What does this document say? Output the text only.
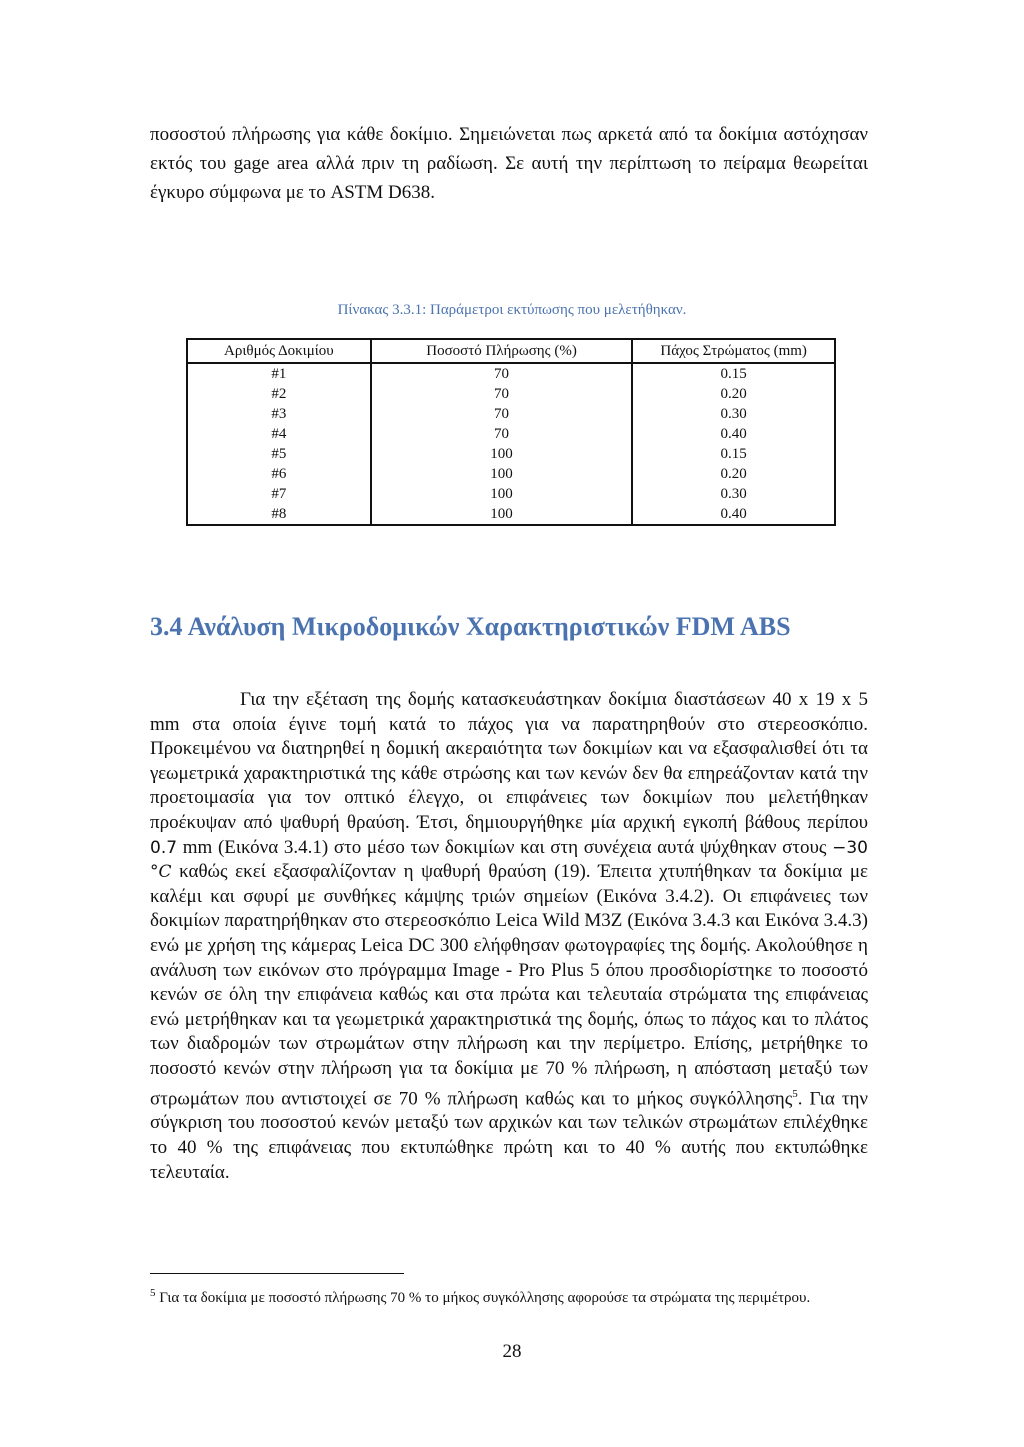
ποσοστού πλήρωσης για κάθε δοκίμιο. Σημειώνεται πως αρκετά από τα δοκίμια αστόχησαν εκτός του gage area αλλά πριν τη ραδίωση. Σε αυτή την περίπτωση το πείραμα θεωρείται έγκυρο σύμφωνα με το ASTM D638.

Πίνακας 3.3.1: Παράμετροι εκτύπωσης που μελετήθηκαν.

Αριθμός Δοκιμίου	Ποσοστό Πλήρωσης (%)	Πάχος Στρώματος (mm)
#1	70	0.15
#2	70	0.20
#3	70	0.30
#4	70	0.40
#5	100	0.15
#6	100	0.20
#7	100	0.30
#8	100	0.40
3.4 Ανάλυση Μικροδομικών Χαρακτηριστικών FDM ABS

Για την εξέταση της δομής κατασκευάστηκαν δοκίμια διαστάσεων 40 x 19 x 5 mm στα οποία έγινε τομή κατά το πάχος για να παρατηρηθούν στο στερεοσκόπιο. Προκειμένου να διατηρηθεί η δομική ακεραιότητα των δοκιμίων και να εξασφαλισθεί ότι τα γεωμετρικά χαρακτηριστικά της κάθε στρώσης και των κενών δεν θα επηρεάζονταν κατά την προετοιμασία για τον οπτικό έλεγχο, οι επιφάνειες των δοκιμίων που μελετήθηκαν προέκυψαν από ψαθυρή θραύση. Έτσι, δημιουργήθηκε μία αρχική εγκοπή βάθους περίπου 0.7 mm (Εικόνα 3.4.1) στο μέσο των δοκιμίων και στη συνέχεια αυτά ψύχθηκαν στους −30 °C καθώς εκεί εξασφαλίζονταν η ψαθυρή θραύση (19). Έπειτα χτυπήθηκαν τα δοκίμια με καλέμι και σφυρί με συνθήκες κάμψης τριών σημείων (Εικόνα 3.4.2). Οι επιφάνειες των δοκιμίων παρατηρήθηκαν στο στερεοσκόπιο Leica Wild M3Z (Εικόνα 3.4.3 και Εικόνα 3.4.3) ενώ με χρήση της κάμερας Leica DC 300 ελήφθησαν φωτογραφίες της δομής. Ακολούθησε η ανάλυση των εικόνων στο πρόγραμμα Image - Pro Plus 5 όπου προσδιορίστηκε το ποσοστό κενών σε όλη την επιφάνεια καθώς και στα πρώτα και τελευταία στρώματα της επιφάνειας ενώ μετρήθηκαν και τα γεωμετρικά χαρακτηριστικά της δομής, όπως το πάχος και το πλάτος των διαδρομών των στρωμάτων στην πλήρωση και την περίμετρο. Επίσης, μετρήθηκε το ποσοστό κενών στην πλήρωση για τα δοκίμια με 70 % πλήρωση, η απόσταση μεταξύ των στρωμάτων που αντιστοιχεί σε 70 % πλήρωση καθώς και το μήκος συγκόλλησης$^5$. Για την σύγκριση του ποσοστού κενών μεταξύ των αρχικών και των τελικών στρωμάτων επιλέχθηκε το 40 % της επιφάνειας που εκτυπώθηκε πρώτη και το 40 % αυτής που εκτυπώθηκε τελευταία.

$^5$ Για τα δοκίμια με ποσοστό πλήρωσης 70 % το μήκος συγκόλλησης αφορούσε τα στρώματα της περιμέτρου.

28
